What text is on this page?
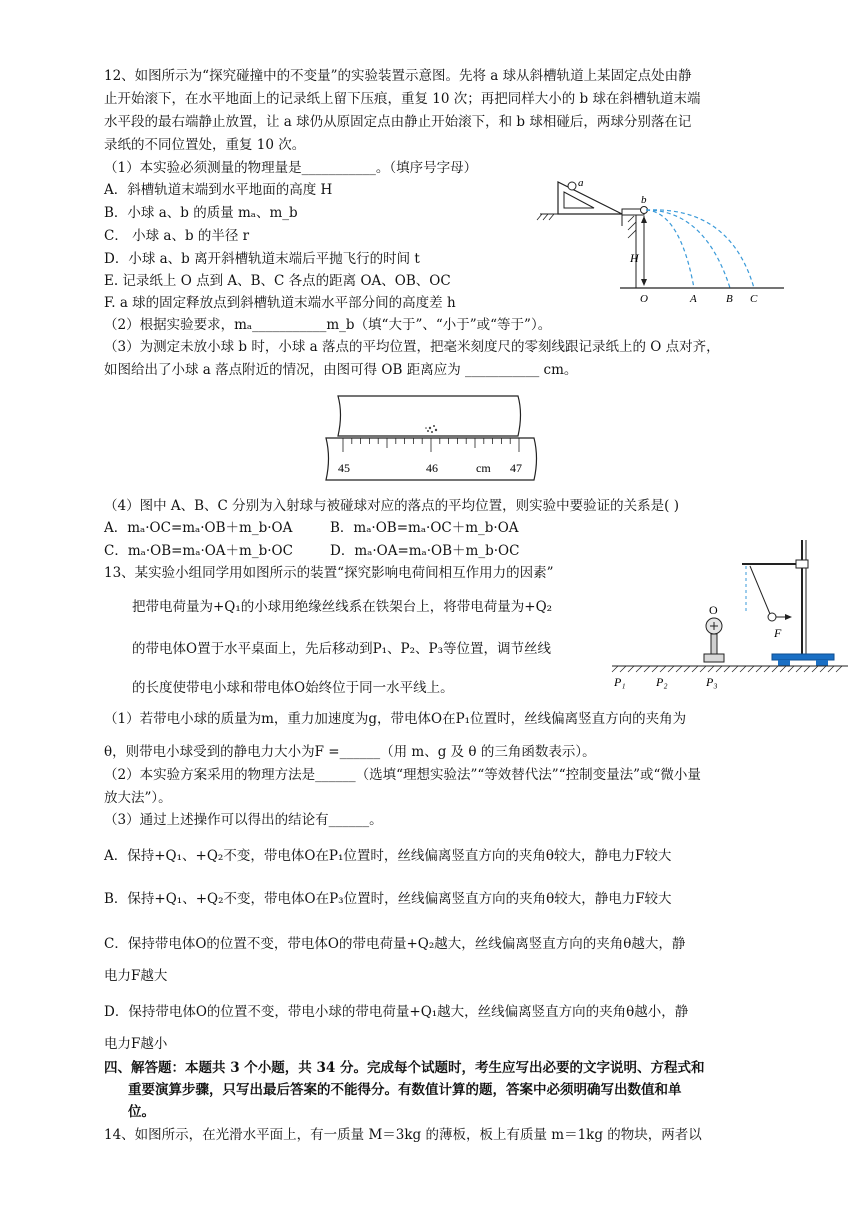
12、如图所示为“探究碰撞中的不变量”的实验装置示意图。先将 a 球从斜槽轨道上某固定点处由静
止开始滚下，在水平地面上的记录纸上留下压痕，重复 10 次；再把同样大小的 b 球在斜槽轨道末端
水平段的最右端静止放置，让 a 球仍从原固定点由静止开始滚下，和 b 球相碰后，两球分别落在记
录纸的不同位置处，重复 10 次。
（1）本实验必须测量的物理量是___________。（填序号字母）
A．斜槽轨道末端到水平地面的高度 H
B．小球 a、b 的质量 mₐ、m_b
C． 小球 a、b 的半径 r
D．小球 a、b 离开斜槽轨道末端后平抛飞行的时间 t
E. 记录纸上 O 点到 A、B、C 各点的距离 OA、OB、OC
F. a 球的固定释放点到斜槽轨道末端水平部分间的高度差 h
（2）根据实验要求，mₐ___________m_b（填“大于”、“小于”或“等于”）。
（3）为测定未放小球 b 时，小球 a 落点的平均位置，把毫米刻度尺的零刻线跟记录纸上的 O 点对齐，
如图给出了小球 a 落点附近的情况，由图可得 OB 距离应为 ___________ cm。
a
b
H
O	A	B C
45	46	cm 47
（4）图中 A、B、C 分别为入射球与被碰球对应的落点的平均位置，则实验中要验证的关系是( )
A．mₐ·OC=mₐ·OB＋m_b·OA	B．mₐ·OB=mₐ·OC＋m_b·OA
C．mₐ·OB=mₐ·OA＋m_b·OC	D．mₐ·OA=mₐ·OB＋m_b·OC
13、某实验小组同学用如图所示的装置“探究影响电荷间相互作用力的因素”
把带电荷量为+Q₁的小球用绝缘丝线系在铁架台上，将带电荷量为+Q₂
的带电体O置于水平桌面上，先后移动到P₁、P₂、P₃等位置，调节丝线
的长度使带电小球和带电体O始终位于同一水平线上。
F
O
P₁	P₂	P₃
（1）若带电小球的质量为m，重力加速度为g，带电体O在P₁位置时，丝线偏离竖直方向的夹角为
θ，则带电小球受到的静电力大小为F =______（用 m、g 及 θ 的三角函数表示）。
（2）本实验方案采用的物理方法是______（选填“理想实验法”“等效替代法”“控制变量法”或“微小量
放大法”）。
（3）通过上述操作可以得出的结论有______。
A．保持+Q₁、+Q₂不变，带电体O在P₁位置时，丝线偏离竖直方向的夹角θ较大，静电力F较大
B．保持+Q₁、+Q₂不变，带电体O在P₃位置时，丝线偏离竖直方向的夹角θ较大，静电力F较大
C．保持带电体O的位置不变，带电体O的带电荷量+Q₂越大，丝线偏离竖直方向的夹角θ越大，静
电力F越大
D．保持带电体O的位置不变，带电小球的带电荷量+Q₁越大，丝线偏离竖直方向的夹角θ越小，静
电力F越小
四、解答题：本题共 3 个小题，共 34 分。完成每个试题时，考生应写出必要的文字说明、方程式和
重要演算步骤，只写出最后答案的不能得分。有数值计算的题，答案中必须明确写出数值和单
位。
14、如图所示，在光滑水平面上，有一质量 M＝3kg 的薄板，板上有质量 m＝1kg 的物块，两者以
